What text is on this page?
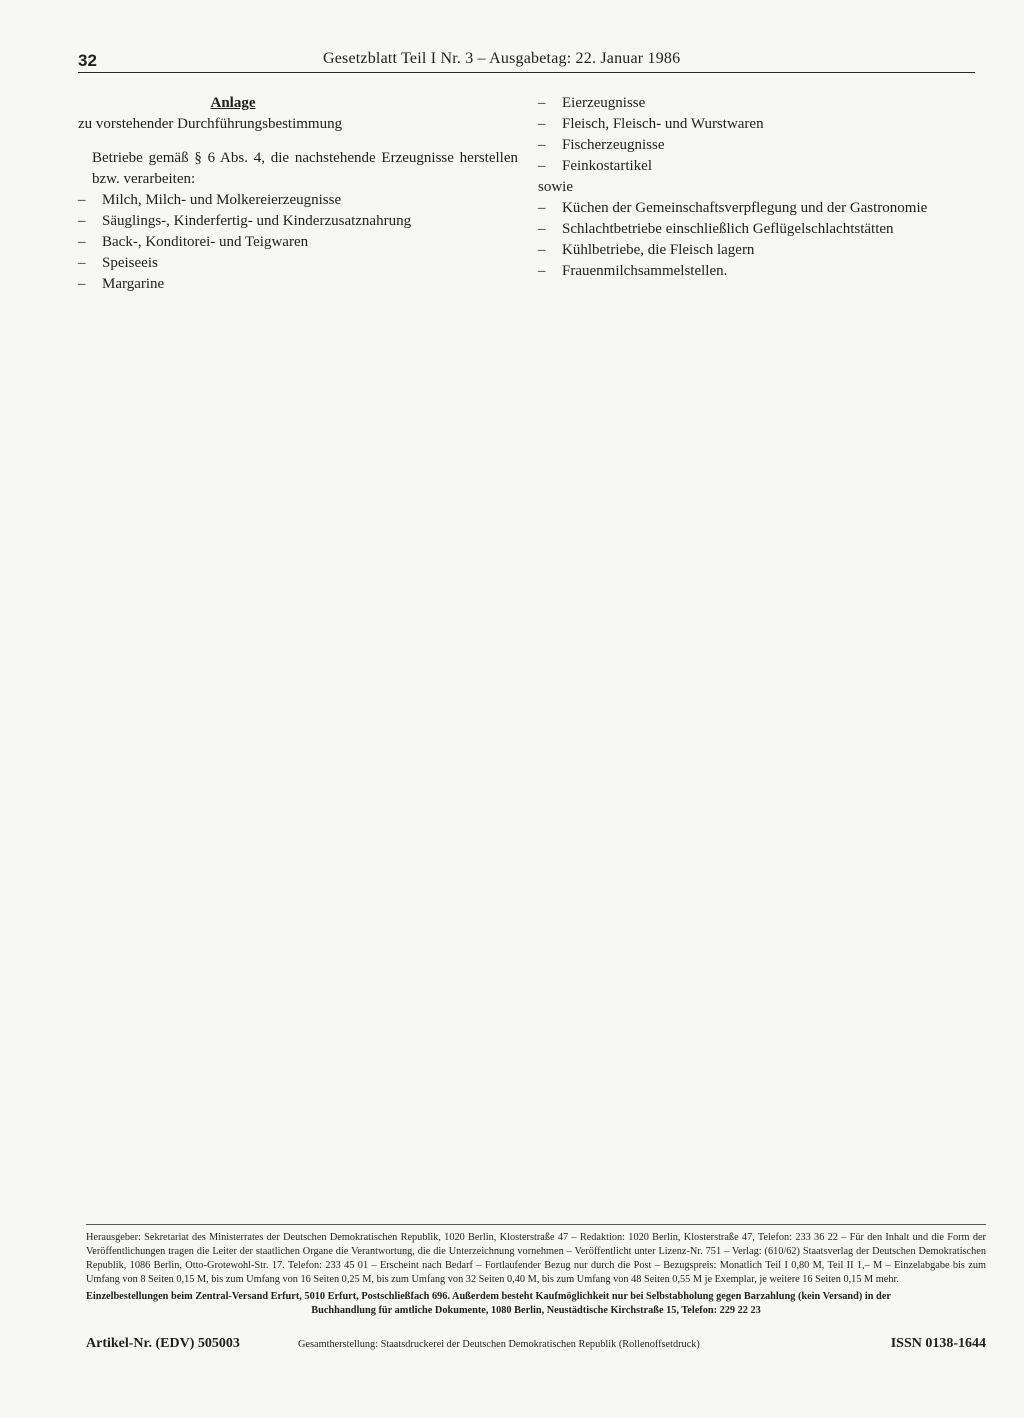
32	Gesetzblatt Teil I Nr. 3 – Ausgabetag: 22. Januar 1986
Anlage

zu vorstehender Durchführungsbestimmung

Betriebe gemäß § 6 Abs. 4, die nachstehende Erzeugnisse herstellen bzw. verarbeiten:
– Milch, Milch- und Molkereierzeugnisse
– Säuglings-, Kinderfertig- und Kinderzusatznahrung
– Back-, Konditorei- und Teigwaren
– Speiseeis
– Margarine
– Eierzeugnisse
– Fleisch, Fleisch- und Wurstwaren
– Fischerzeugnisse
– Feinkostartikel

sowie

– Küchen der Gemeinschaftsverpflegung und der Gastronomie
– Schlachtbetriebe einschließlich Geflügelschlachtstätten
– Kühlbetriebe, die Fleisch lagern
– Frauenmilchsammelstellen.

Herausgeber: Sekretariat des Ministerrates der Deutschen Demokratischen Republik, 1020 Berlin, Klosterstraße 47 – Redaktion: 1020 Berlin, Klosterstraße 47, Telefon: 233 36 22 – Für den Inhalt und die Form der Veröffentlichungen tragen die Leiter der staatlichen Organe die Verantwortung, die die Unterzeichnung vornehmen – Veröffentlicht unter Lizenz-Nr. 751 – Verlag: (610/62) Staatsverlag der Deutschen Demokratischen Republik, 1086 Berlin, Otto-Grotewohl-Str. 17. Telefon: 233 45 01 – Erscheint nach Bedarf – Fortlaufender Bezug nur durch die Post – Bezugspreis: Monatlich Teil I 0,80 M, Teil II 1,– M – Einzelabgabe bis zum Umfang von 8 Seiten 0,15 M, bis zum Umfang von 16 Seiten 0,25 M, bis zum Umfang von 32 Seiten 0,40 M, bis zum Umfang von 48 Seiten 0,55 M je Exemplar, je weitere 16 Seiten 0,15 M mehr.

Einzelbestellungen beim Zentral-Versand Erfurt, 5010 Erfurt, Postschließfach 696. Außerdem besteht Kaufmöglichkeit nur bei Selbstabholung gegen Barzahlung (kein Versand) in der

Buchhandlung für amtliche Dokumente, 1080 Berlin, Neustädtische Kirchstraße 15, Telefon: 229 22 23

Artikel-Nr. (EDV) 505003	Gesamtherstellung: Staatsdruckerei der Deutschen Demokratischen Republik (Rollenoffsetdruck)	ISSN 0138-1644
